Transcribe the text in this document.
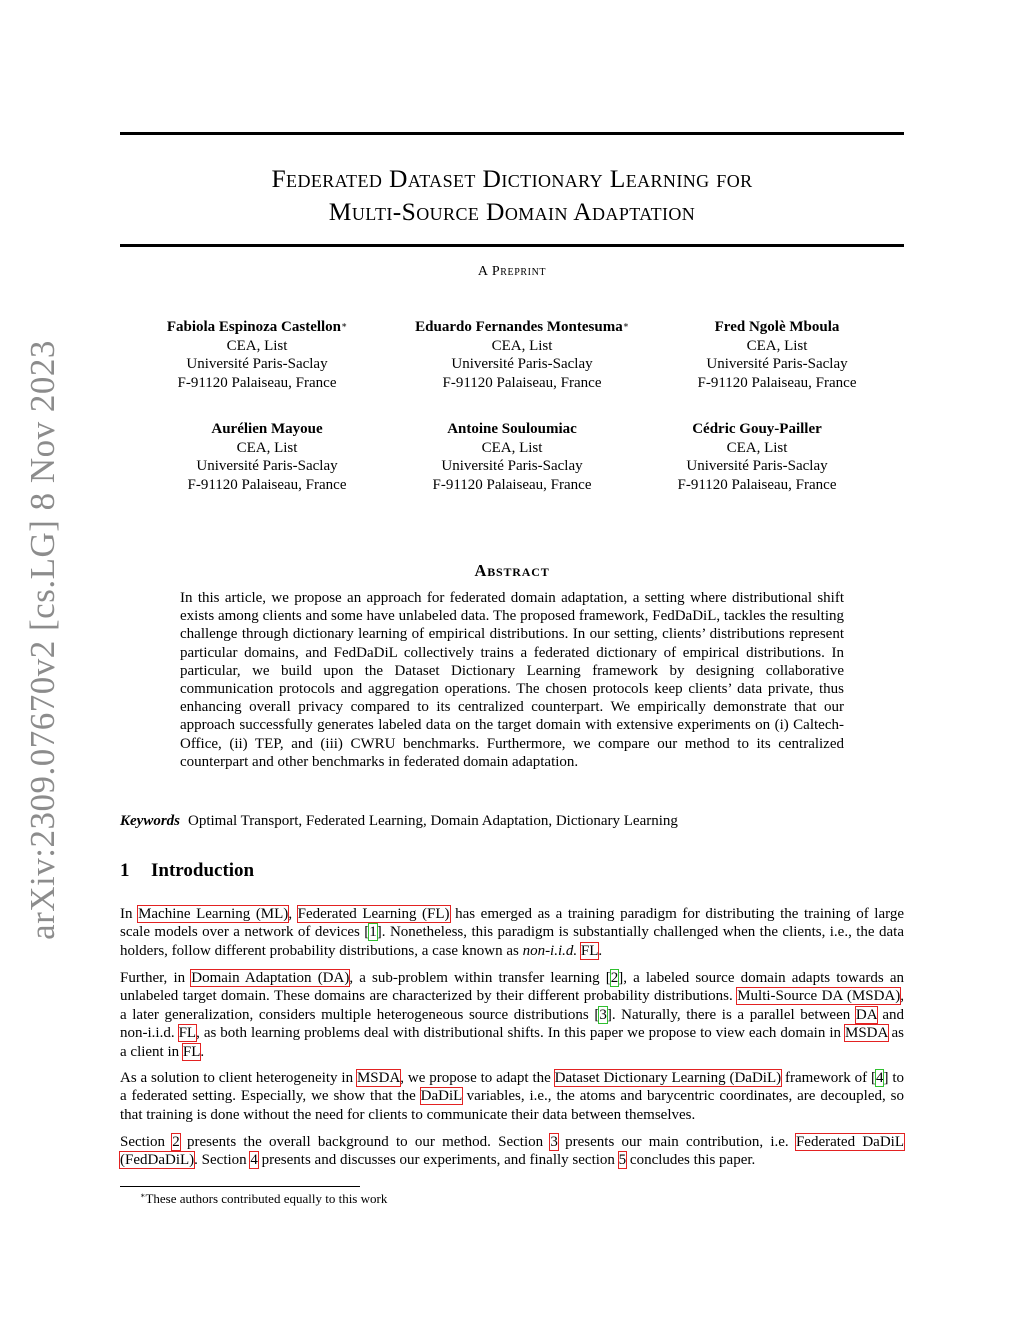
arXiv:2309.07670v2 [cs.LG] 8 Nov 2023
Federated Dataset Dictionary Learning for
Multi-Source Domain Adaptation
A Preprint
Fabiola Espinoza Castellon∗
CEA, List
Université Paris-Saclay
F-91120 Palaiseau, France
Eduardo Fernandes Montesuma∗
CEA, List
Université Paris-Saclay
F-91120 Palaiseau, France
Fred Ngolè Mboula
CEA, List
Université Paris-Saclay
F-91120 Palaiseau, France
Aurélien Mayoue
CEA, List
Université Paris-Saclay
F-91120 Palaiseau, France
Antoine Souloumiac
CEA, List
Université Paris-Saclay
F-91120 Palaiseau, France
Cédric Gouy-Pailler
CEA, List
Université Paris-Saclay
F-91120 Palaiseau, France
Abstract
In this article, we propose an approach for federated domain adaptation, a setting where distributional shift exists among clients and some have unlabeled data. The proposed framework, FedDaDiL, tackles the resulting challenge through dictionary learning of empirical distributions. In our setting, clients’ distributions represent particular domains, and FedDaDiL collectively trains a federated dictionary of empirical distributions. In particular, we build upon the Dataset Dictionary Learning framework by designing collaborative communication protocols and aggregation operations. The chosen protocols keep clients’ data private, thus enhancing overall privacy compared to its centralized counterpart. We empirically demonstrate that our approach successfully generates labeled data on the target domain with extensive experiments on (i) Caltech-Office, (ii) TEP, and (iii) CWRU benchmarks. Furthermore, we compare our method to its centralized counterpart and other benchmarks in federated domain adaptation.
Keywords Optimal Transport, Federated Learning, Domain Adaptation, Dictionary Learning
1 Introduction
In Machine Learning (ML), Federated Learning (FL) has emerged as a training paradigm for distributing the training of large scale models over a network of devices [1]. Nonetheless, this paradigm is substantially challenged when the clients, i.e., the data holders, follow different probability distributions, a case known as non-i.i.d. FL.
Further, in Domain Adaptation (DA), a sub-problem within transfer learning [2], a labeled source domain adapts towards an unlabeled target domain. These domains are characterized by their different probability distributions. Multi-Source DA (MSDA), a later generalization, considers multiple heterogeneous source distributions [3]. Naturally, there is a parallel between DA and non-i.i.d. FL, as both learning problems deal with distributional shifts. In this paper we propose to view each domain in MSDA as a client in FL.
As a solution to client heterogeneity in MSDA, we propose to adapt the Dataset Dictionary Learning (DaDiL) framework of [4] to a federated setting. Especially, we show that the DaDiL variables, i.e., the atoms and barycentric coordinates, are decoupled, so that training is done without the need for clients to communicate their data between themselves.
Section 2 presents the overall background to our method. Section 3 presents our main contribution, i.e. Federated DaDiL (FedDaDiL). Section 4 presents and discusses our experiments, and finally section 5 concludes this paper.
∗These authors contributed equally to this work
